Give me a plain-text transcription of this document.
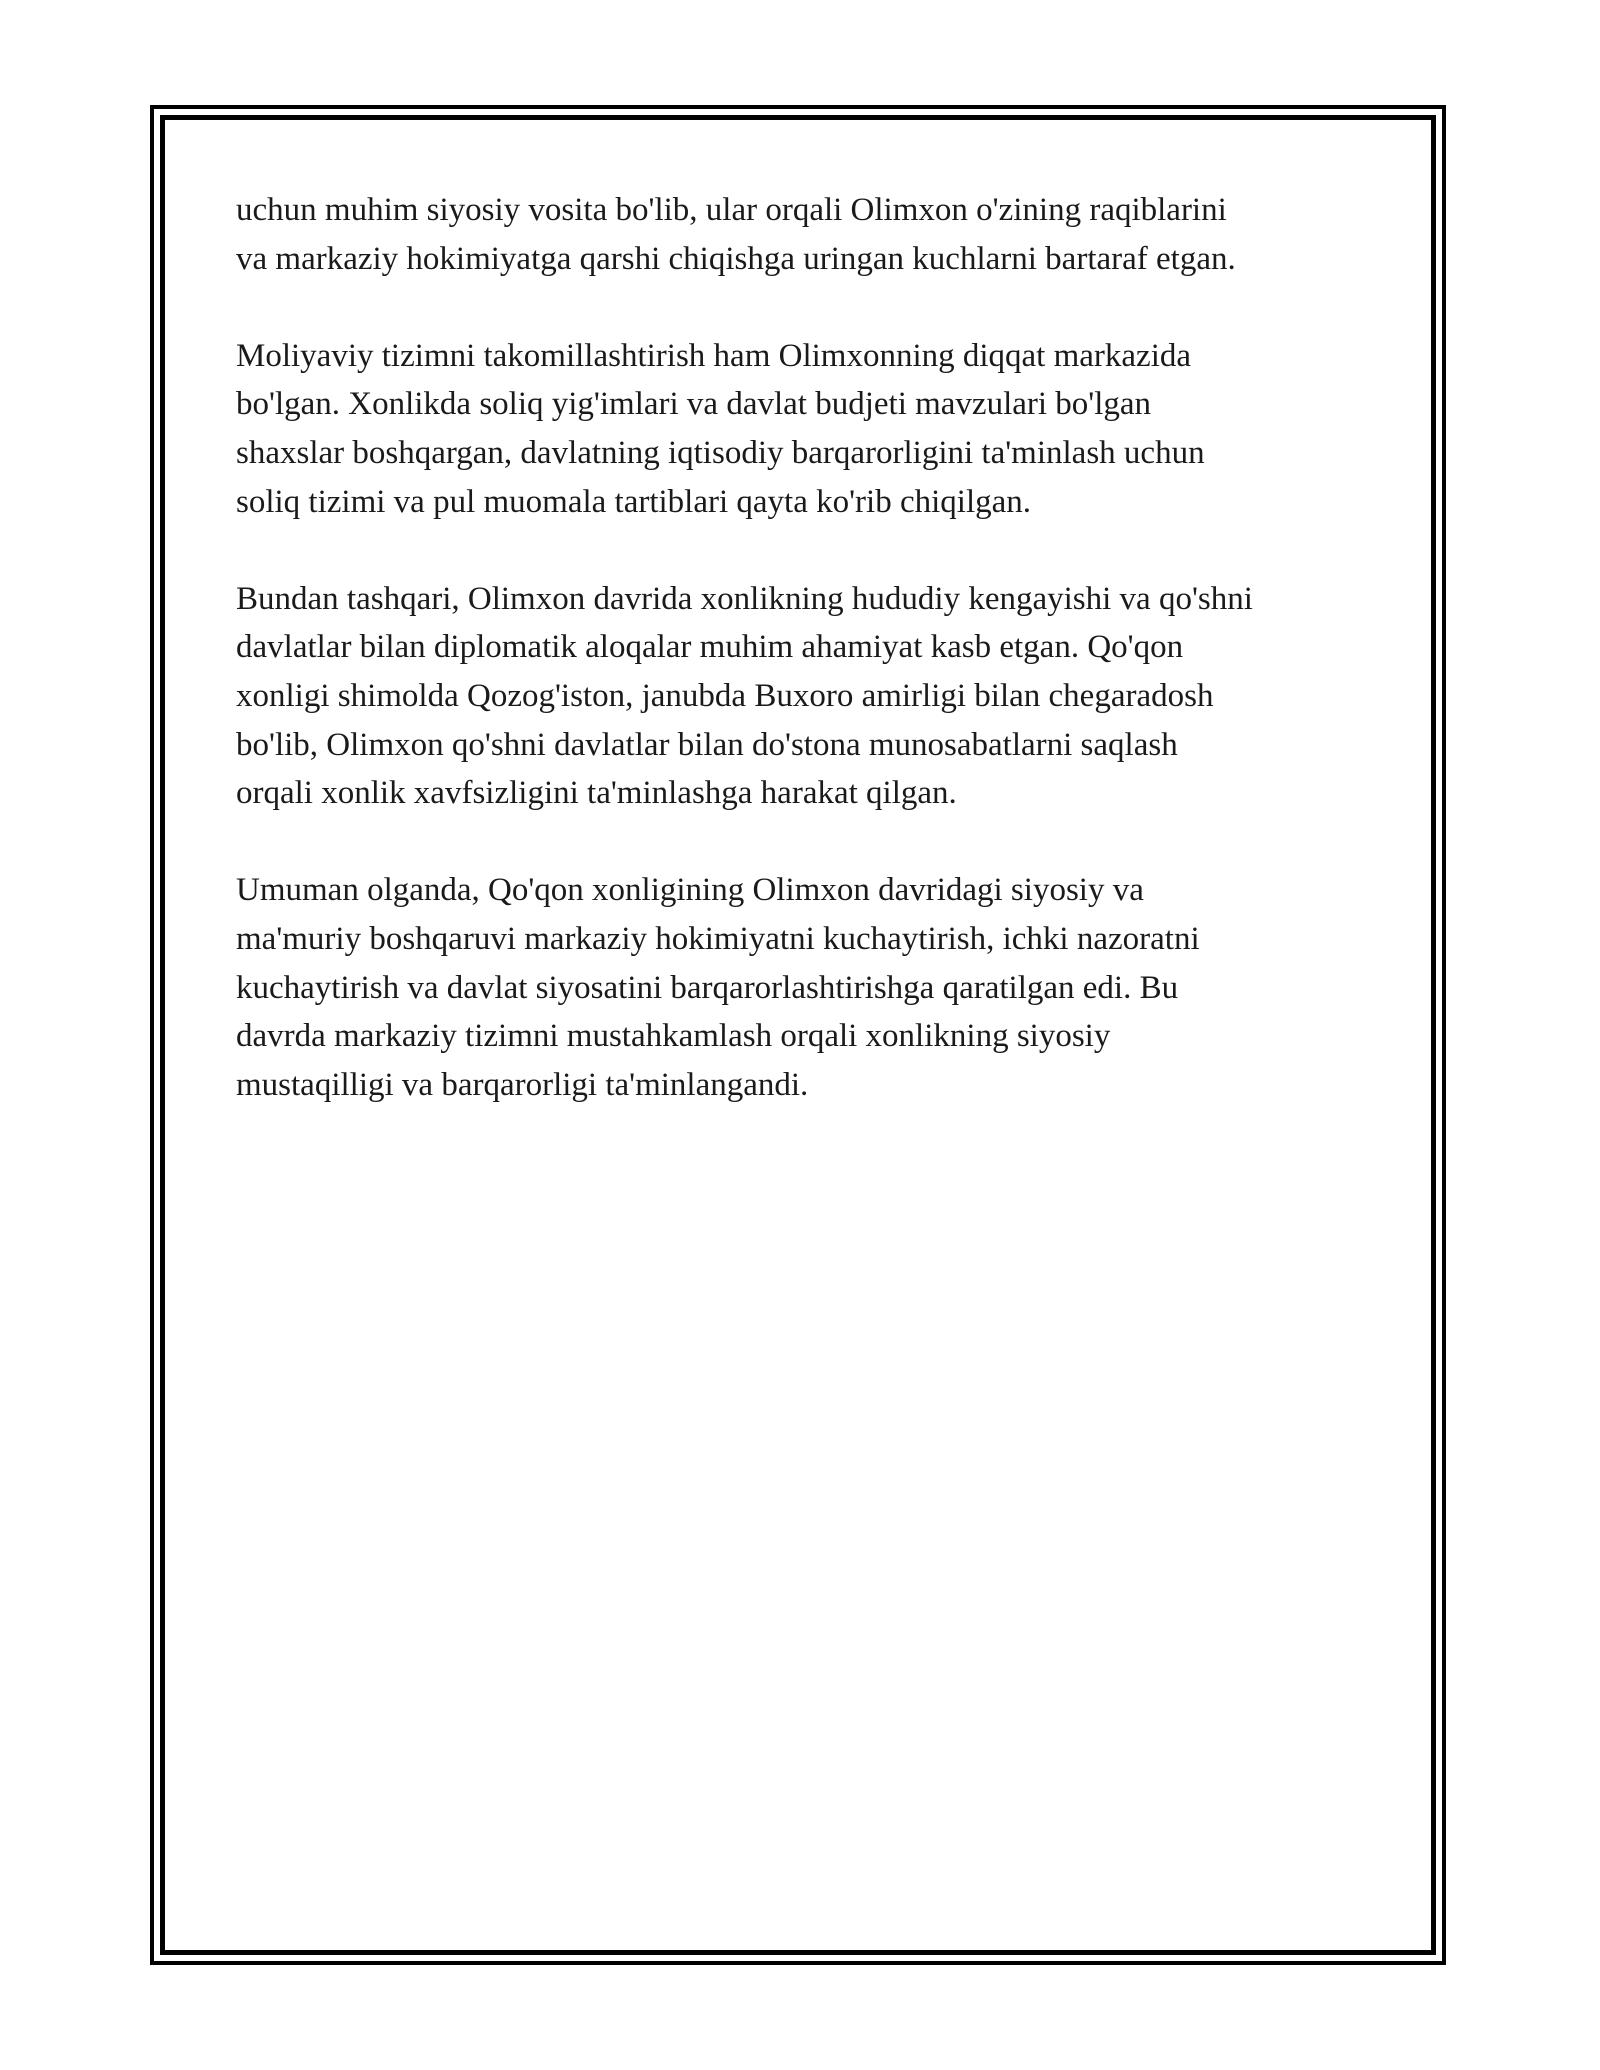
uchun muhim siyosiy vosita bo'lib, ular orqali Olimxon o'zining raqiblarini
va markaziy hokimiyatga qarshi chiqishga uringan kuchlarni bartaraf etgan.

Moliyaviy tizimni takomillashtirish ham Olimxonning diqqat markazida
bo'lgan. Xonlikda soliq yig'imlari va davlat budjeti mavzulari bo'lgan
shaxslar boshqargan, davlatning iqtisodiy barqarorligini ta'minlash uchun
soliq tizimi va pul muomala tartiblari qayta ko'rib chiqilgan.

Bundan tashqari, Olimxon davrida xonlikning hududiy kengayishi va qo'shni
davlatlar bilan diplomatik aloqalar muhim ahamiyat kasb etgan. Qo'qon
xonligi shimolda Qozog'iston, janubda Buxoro amirligi bilan chegaradosh
bo'lib, Olimxon qo'shni davlatlar bilan do'stona munosabatlarni saqlash
orqali xonlik xavfsizligini ta'minlashga harakat qilgan.

Umuman olganda, Qo'qon xonligining Olimxon davridagi siyosiy va
ma'muriy boshqaruvi markaziy hokimiyatni kuchaytirish, ichki nazoratni
kuchaytirish va davlat siyosatini barqarorlashtirishga qaratilgan edi. Bu
davrda markaziy tizimni mustahkamlash orqali xonlikning siyosiy
mustaqilligi va barqarorligi ta'minlangandi.
